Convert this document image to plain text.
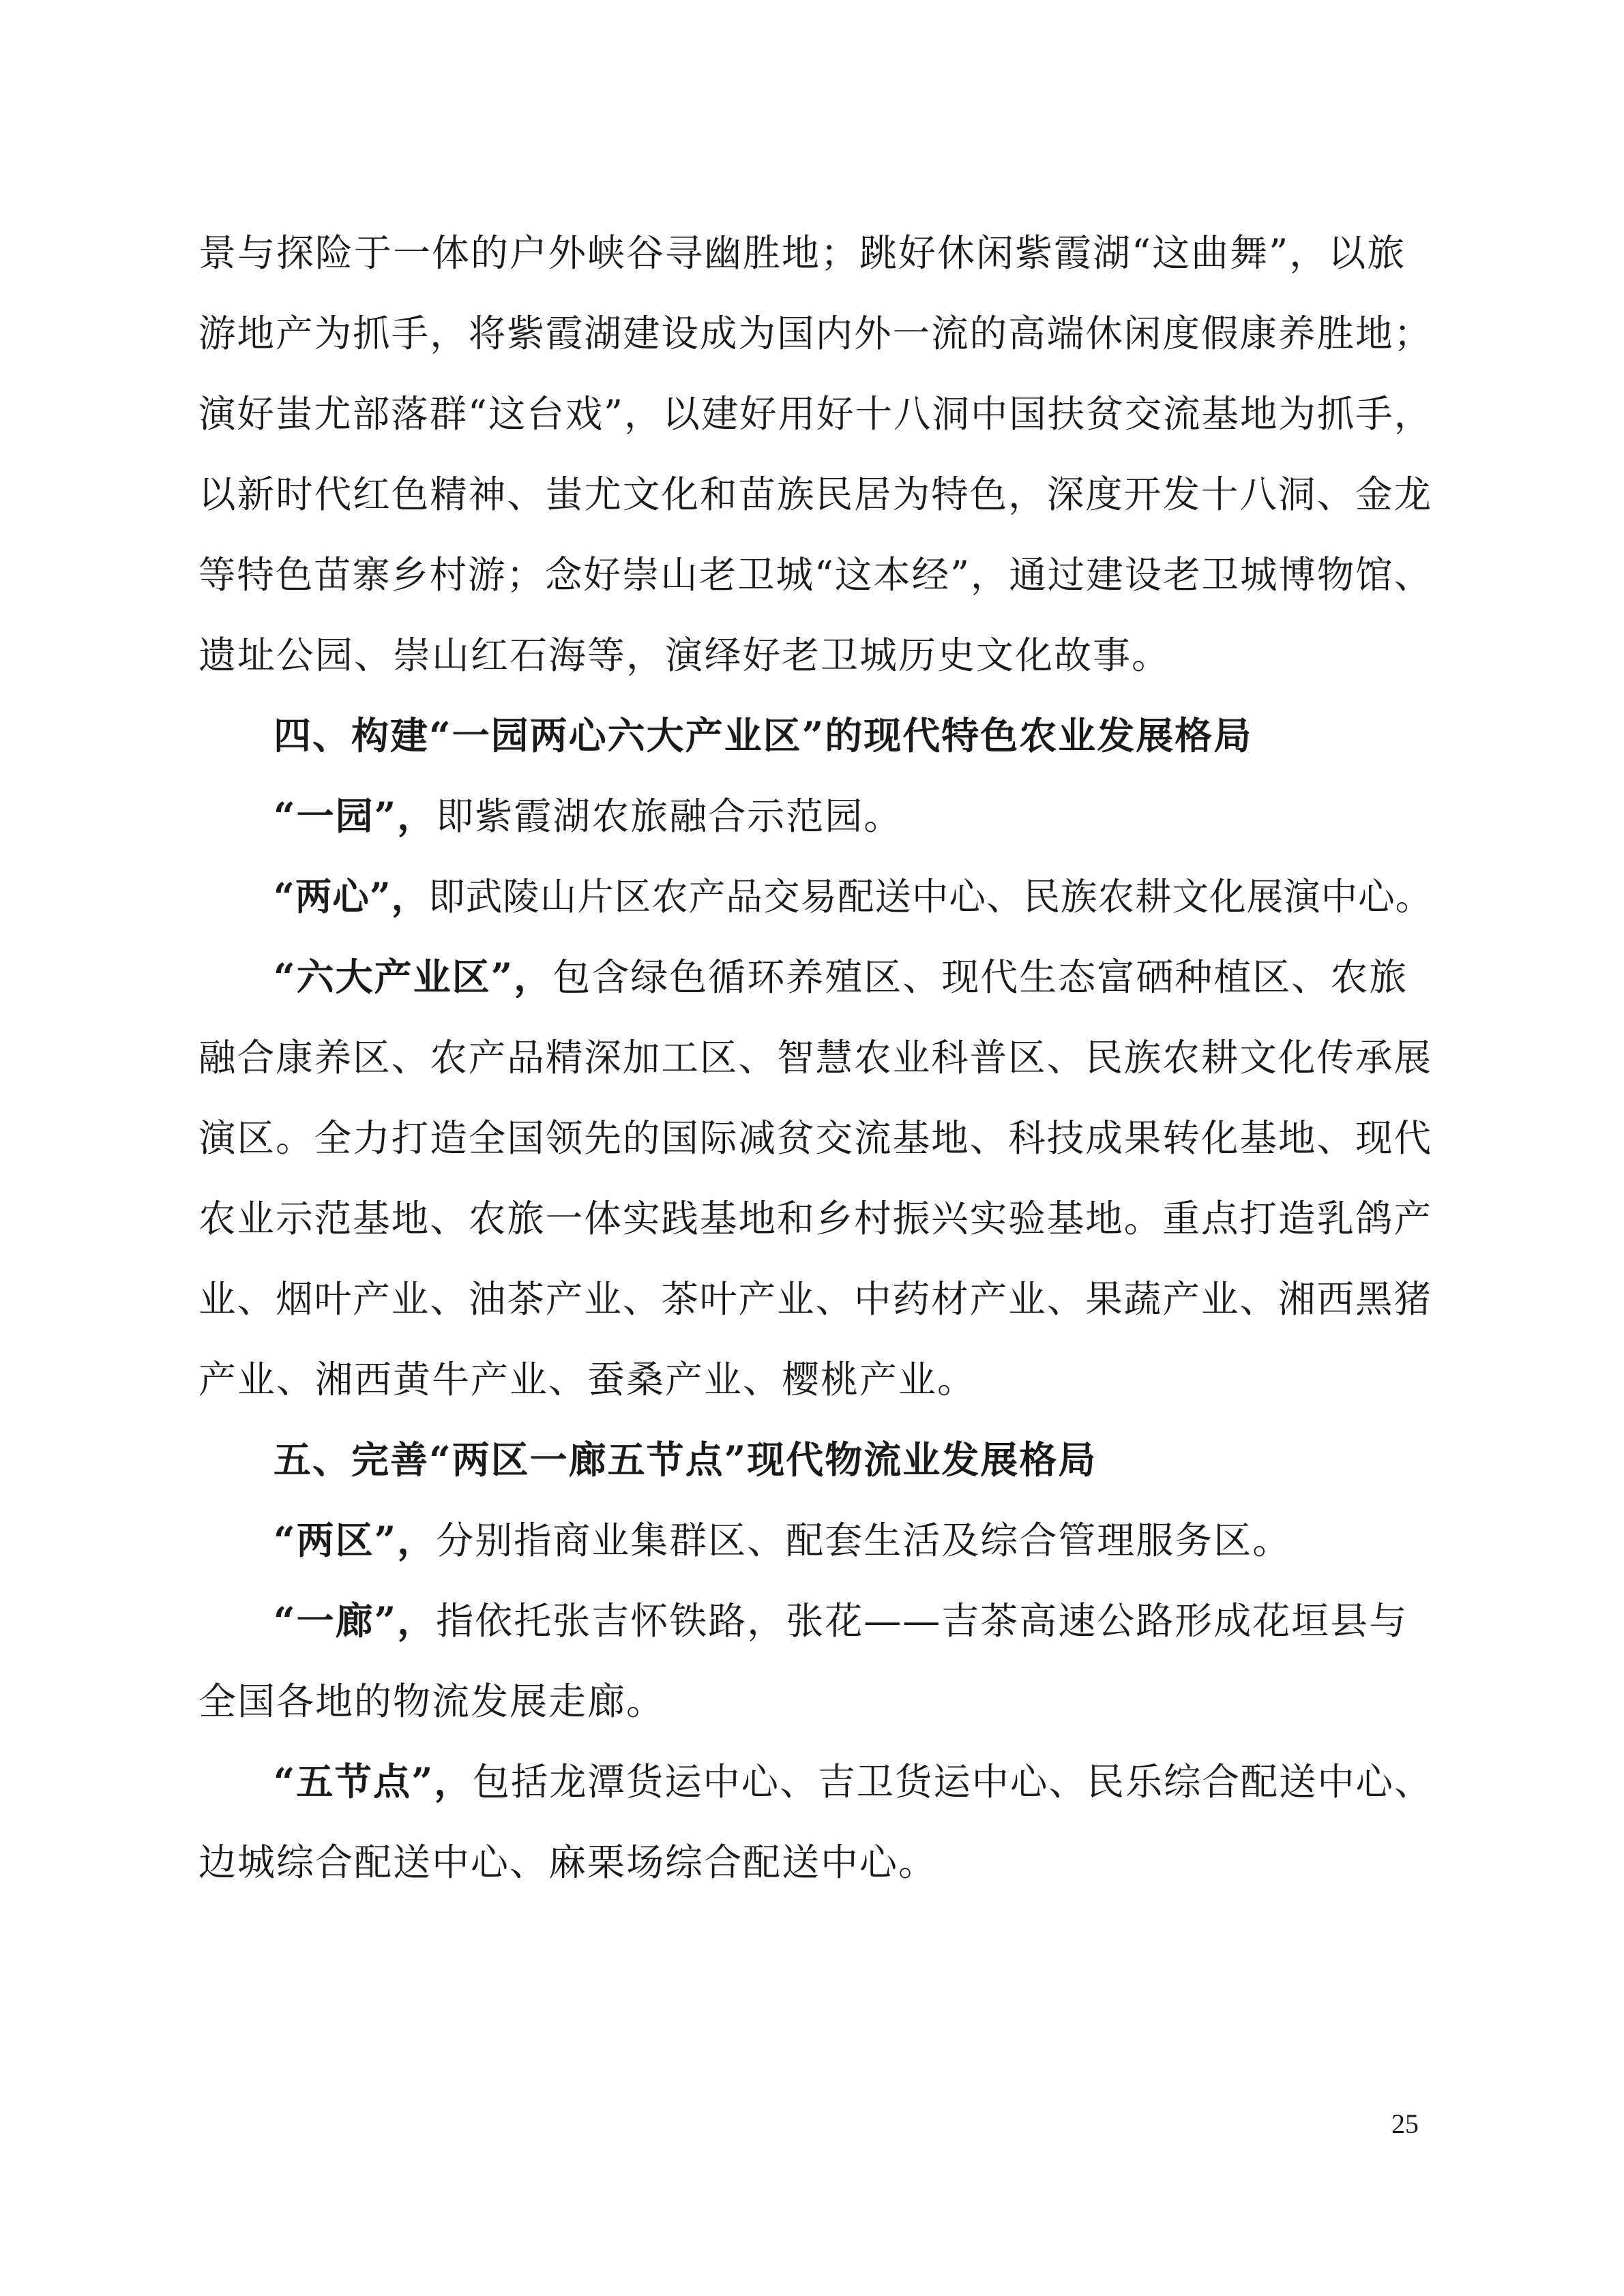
景与探险于一体的户外峡谷寻幽胜地；跳好休闲紫霞湖“这曲舞”，以旅
游地产为抓手，将紫霞湖建设成为国内外一流的高端休闲度假康养胜地；
演好蚩尤部落群“这台戏”，以建好用好十八洞中国扶贫交流基地为抓手，
以新时代红色精神、蚩尤文化和苗族民居为特色，深度开发十八洞、金龙
等特色苗寨乡村游；念好崇山老卫城“这本经”，通过建设老卫城博物馆、
遗址公园、崇山红石海等，演绎好老卫城历史文化故事。
四、构建“一园两心六大产业区”的现代特色农业发展格局
“一园”，即紫霞湖农旅融合示范园。
“两心”，即武陵山片区农产品交易配送中心、民族农耕文化展演中心。
“六大产业区”，包含绿色循环养殖区、现代生态富硒种植区、农旅
融合康养区、农产品精深加工区、智慧农业科普区、民族农耕文化传承展
演区。全力打造全国领先的国际减贫交流基地、科技成果转化基地、现代
农业示范基地、农旅一体实践基地和乡村振兴实验基地。重点打造乳鸽产
业、烟叶产业、油茶产业、茶叶产业、中药材产业、果蔬产业、湘西黑猪
产业、湘西黄牛产业、蚕桑产业、樱桃产业。
五、完善“两区一廊五节点”现代物流业发展格局
“两区”，分别指商业集群区、配套生活及综合管理服务区。
“一廊”，指依托张吉怀铁路，张花——吉茶高速公路形成花垣县与
全国各地的物流发展走廊。
“五节点”，包括龙潭货运中心、吉卫货运中心、民乐综合配送中心、
边城综合配送中心、麻栗场综合配送中心。
25
